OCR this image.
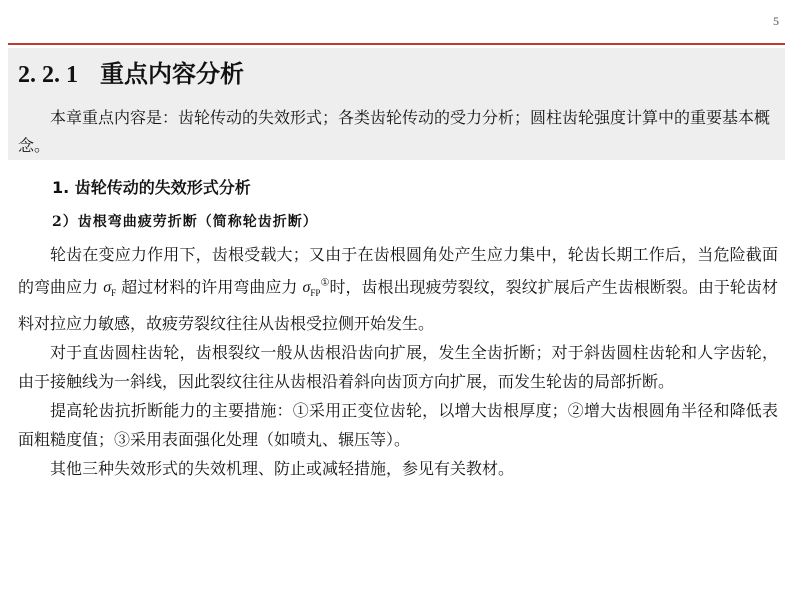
5
2. 2. 1 重点内容分析

本章重点内容是：齿轮传动的失效形式；各类齿轮传动的受力分析；圆柱齿轮强度计算中的重要基本概念。

1. 齿轮传动的失效形式分析
2）齿根弯曲疲劳折断（简称轮齿折断）

轮齿在变应力作用下，齿根受载大；又由于在齿根圆角处产生应力集中，轮齿长期工作后，当危险截面的弯曲应力 $\sigma_F$ 超过材料的许用弯曲应力 $\sigma_{FP}^①$时，齿根出现疲劳裂纹，裂纹扩展后产生齿根断裂。由于轮齿材料对拉应力敏感，故疲劳裂纹往往从齿根受拉侧开始发生。

对于直齿圆柱齿轮，齿根裂纹一般从齿根沿齿向扩展，发生全齿折断；对于斜齿圆柱齿轮和人字齿轮，由于接触线为一斜线，因此裂纹往往从齿根沿着斜向齿顶方向扩展，而发生轮齿的局部折断。

提高轮齿抗折断能力的主要措施：①采用正变位齿轮，以增大齿根厚度；②增大齿根圆角半径和降低表面粗糙度值；③采用表面强化处理（如喷丸、辗压等）。

其他三种失效形式的失效机理、防止或减轻措施，参见有关教材。
